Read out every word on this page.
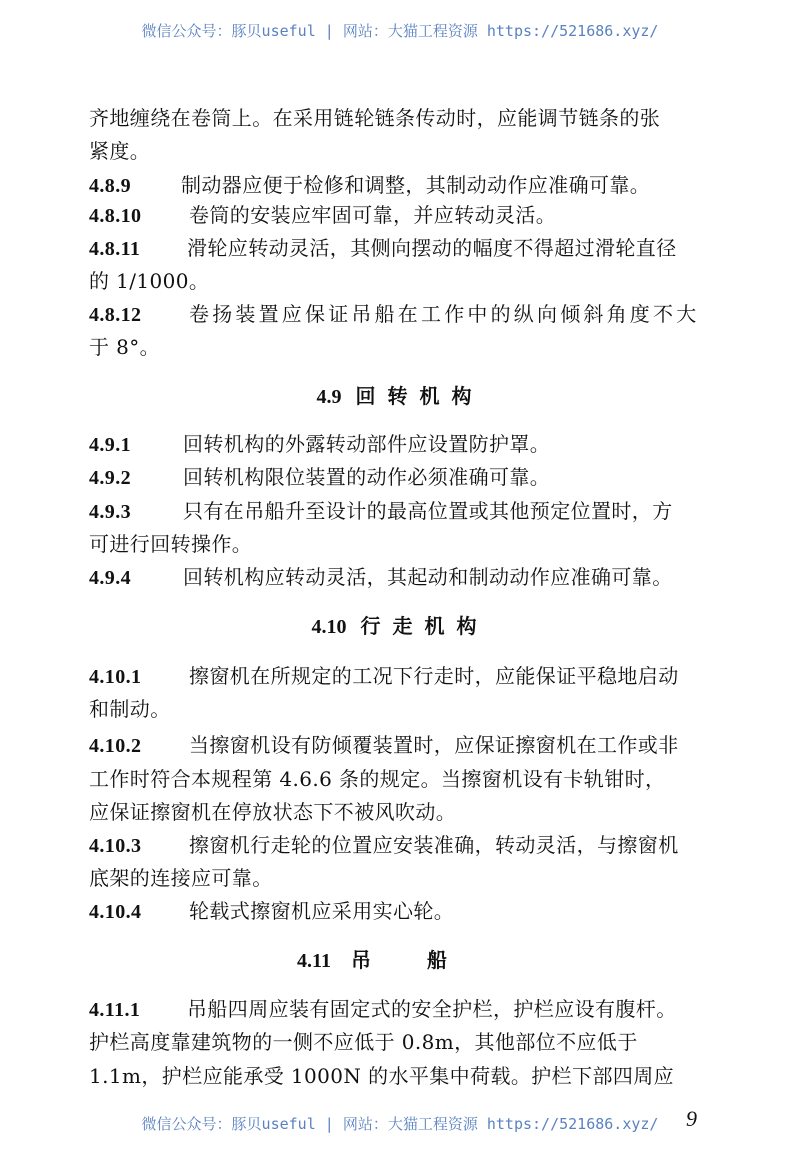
微信公众号：豚贝useful | 网站：大猫工程资源 https://521686.xyz/
齐地缠绕在卷筒上。在采用链轮链条传动时，应能调节链条的张
紧度。
4.8.9	制动器应便于检修和调整，其制动动作应准确可靠。
4.8.10 卷筒的安装应牢固可靠，并应转动灵活。
4.8.11 滑轮应转动灵活，其侧向摆动的幅度不得超过滑轮直径
的 1/1000。
4.8.12 卷扬装置应保证吊船在工作中的纵向倾斜角度不大
于 8°。
4.9 回转机构
4.9.1	回转机构的外露转动部件应设置防护罩。
4.9.2	回转机构限位装置的动作必须准确可靠。
4.9.3	只有在吊船升至设计的最高位置或其他预定位置时，方
可进行回转操作。
4.9.4	回转机构应转动灵活，其起动和制动动作应准确可靠。
4.10 行走机构
4.10.1 擦窗机在所规定的工况下行走时，应能保证平稳地启动
和制动。
4.10.2 当擦窗机设有防倾覆装置时，应保证擦窗机在工作或非
工作时符合本规程第 4.6.6 条的规定。当擦窗机设有卡轨钳时，
应保证擦窗机在停放状态下不被风吹动。
4.10.3 擦窗机行走轮的位置应安装准确，转动灵活，与擦窗机
底架的连接应可靠。
4.10.4 轮载式擦窗机应采用实心轮。
4.11 吊船
4.11.1 吊船四周应装有固定式的安全护栏，护栏应设有腹杆。
护栏高度靠建筑物的一侧不应低于 0.8m，其他部位不应低于
1.1m，护栏应能承受 1000N 的水平集中荷载。护栏下部四周应
微信公众号：豚贝useful | 网站：大猫工程资源 https://521686.xyz/	9
